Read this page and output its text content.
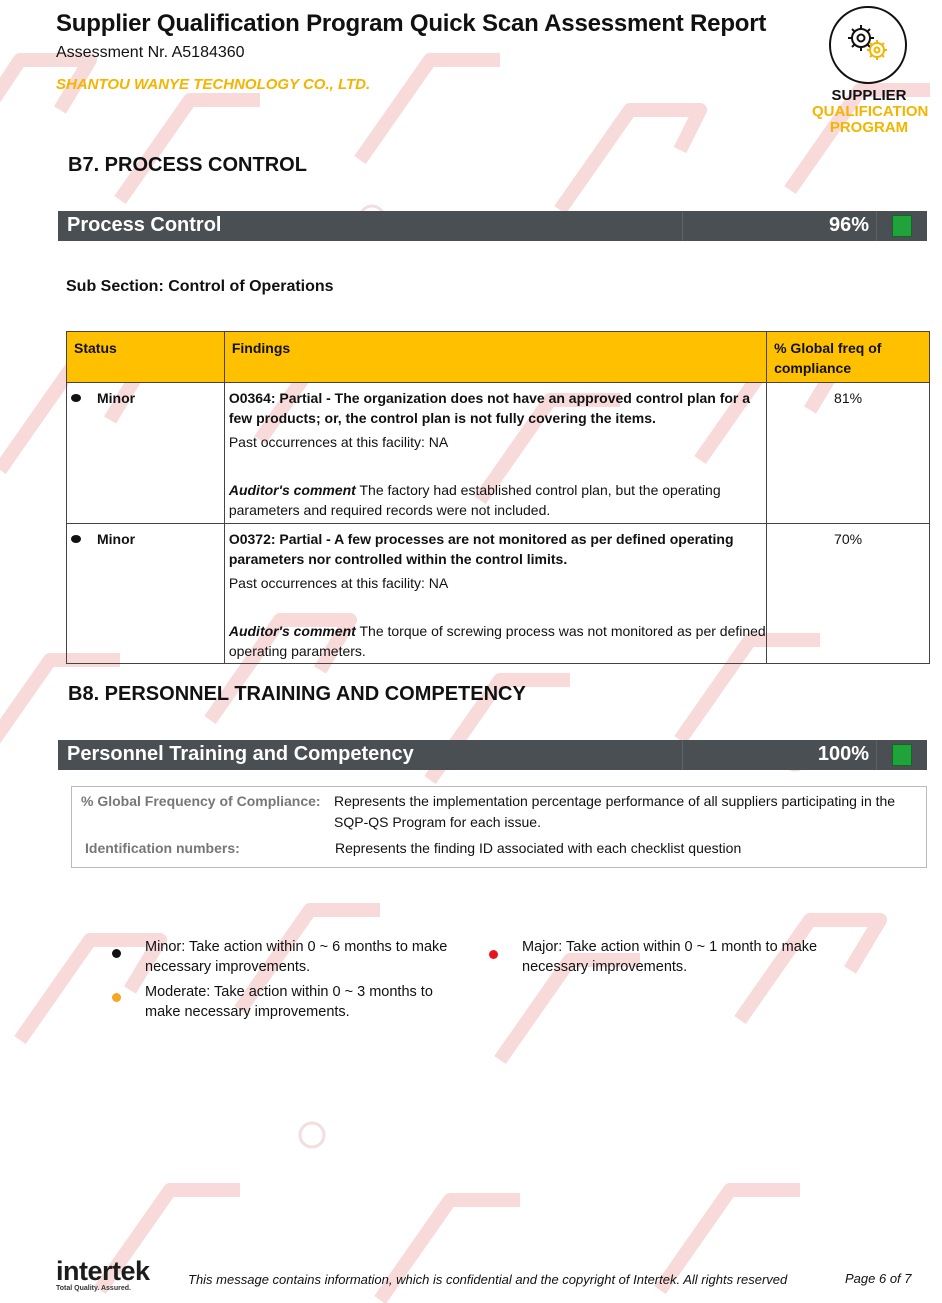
Supplier Qualification Program Quick Scan Assessment Report
Assessment Nr. A5184360
SHANTOU WANYE TECHNOLOGY CO., LTD.
SUPPLIER
QUALIFICATION
PROGRAM
B7. PROCESS CONTROL
Process Control	96%
Sub Section: Control of Operations
Status	Findings	% Global freq of compliance

Minor	O0364: Partial - The organization does not have an approved control plan for a few products; or, the control plan is not fully covering the items.
Past occurrences at this facility: NA
Auditor's comment The factory had established control plan, but the operating parameters and required records were not included.	81%

Minor	O0372: Partial - A few processes are not monitored as per defined operating parameters nor controlled within the control limits.
Past occurrences at this facility: NA
Auditor's comment The torque of screwing process was not monitored as per defined operating parameters.	70%
B8. PERSONNEL TRAINING AND COMPETENCY
Personnel Training and Competency	100%
% Global Frequency of Compliance: Represents the implementation percentage performance of all suppliers participating in the SQP-QS Program for each issue.
Identification numbers:	Represents the finding ID associated with each checklist question
Minor: Take action within 0 ~ 6 months to make necessary improvements.
Moderate: Take action within 0 ~ 3 months to make necessary improvements.
Major: Take action within 0 ~ 1 month to make necessary improvements.
intertek
Total Quality. Assured.
This message contains information, which is confidential and the copyright of Intertek. All rights reserved	Page 6 of 7
